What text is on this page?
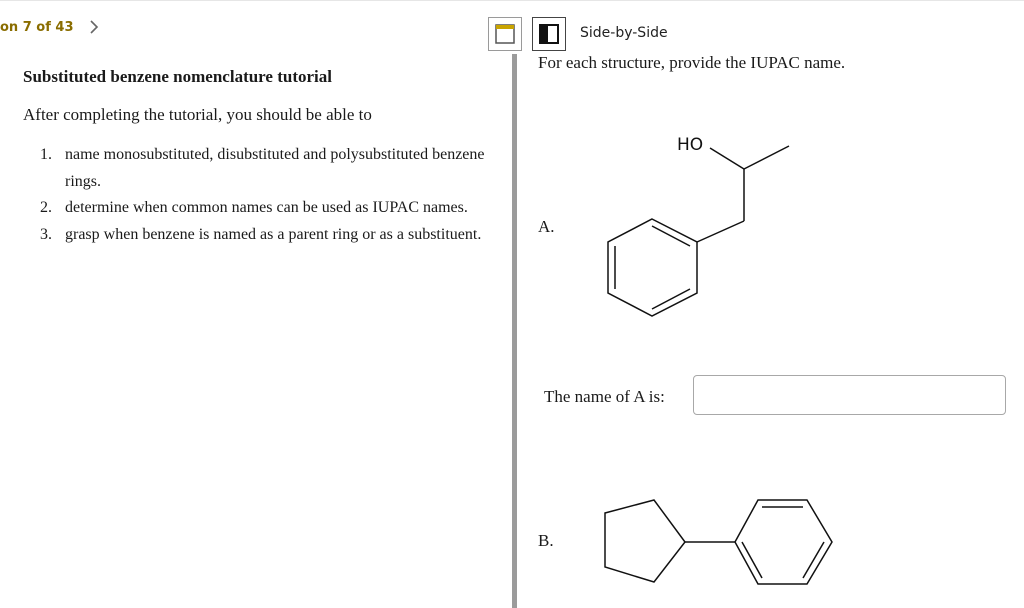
on 7 of 43	Side-by-Side
Substituted benzene nomenclature tutorial
After completing the tutorial, you should be able to
1. name monosubstituted, disubstituted and polysubstituted benzene rings.
2. determine when common names can be used as IUPAC names.
3. grasp when benzene is named as a parent ring or as a substituent.
For each structure, provide the IUPAC name.
A.
The name of A is:
B.
HO
